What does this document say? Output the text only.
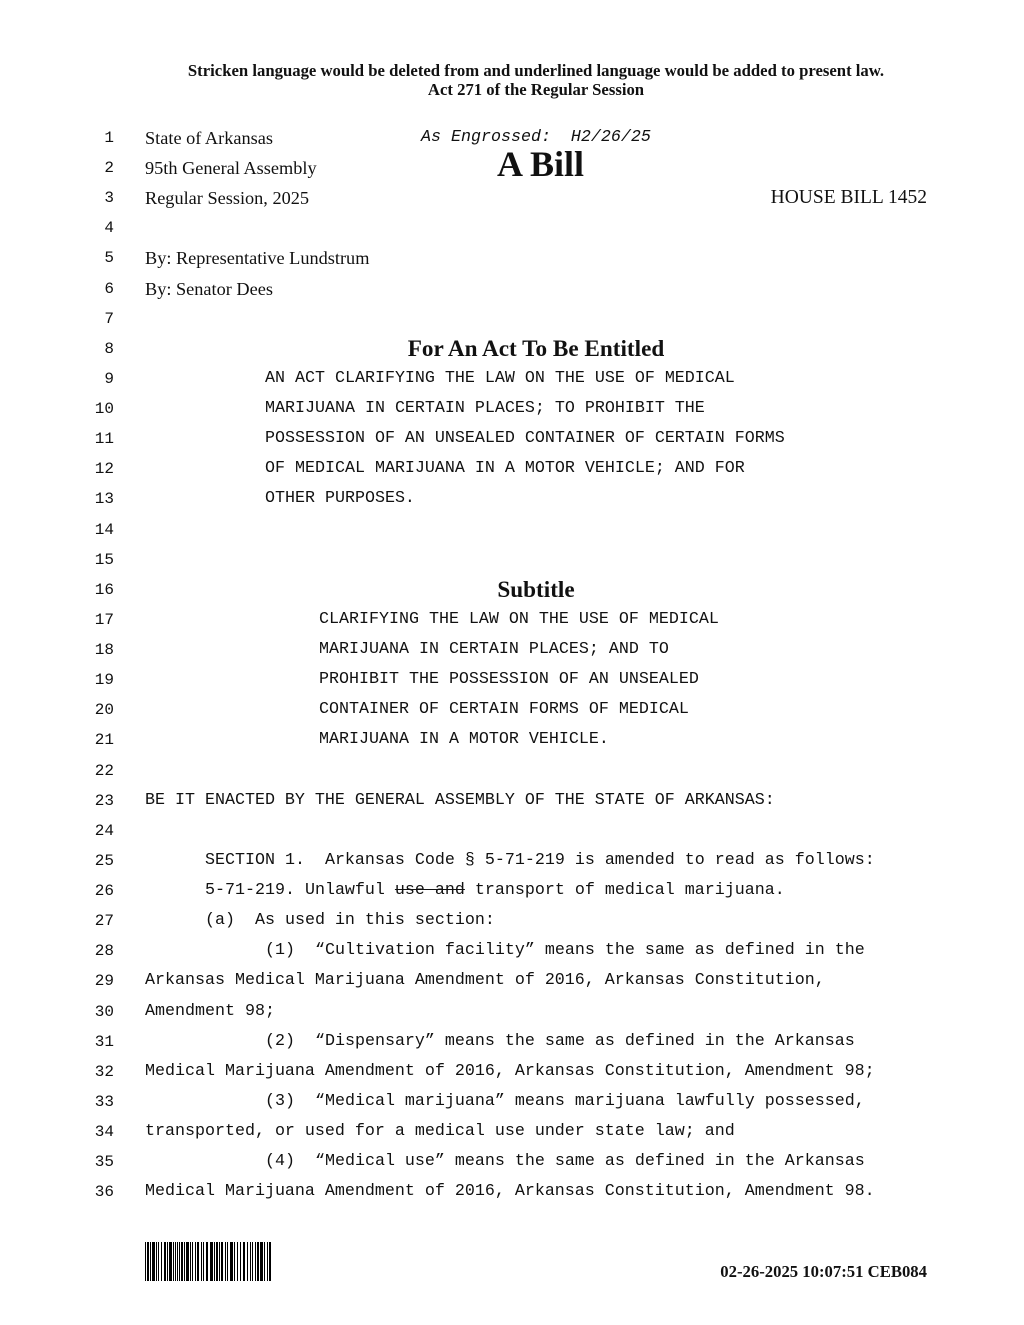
Stricken language would be deleted from and underlined language would be added to present law.
Act 271 of the Regular Session
1 State of Arkansas	As Engrossed:  H2/26/25
2 95th General Assembly	A Bill
3 Regular Session, 2025	HOUSE BILL 1452
4
5 By: Representative Lundstrum
6 By: Senator Dees
7
8	For An Act To Be Entitled
9	AN ACT CLARIFYING THE LAW ON THE USE OF MEDICAL
10	MARIJUANA IN CERTAIN PLACES; TO PROHIBIT THE
11	POSSESSION OF AN UNSEALED CONTAINER OF CERTAIN FORMS
12	OF MEDICAL MARIJUANA IN A MOTOR VEHICLE; AND FOR
13	OTHER PURPOSES.
14
15
16	Subtitle
17	CLARIFYING THE LAW ON THE USE OF MEDICAL
18	MARIJUANA IN CERTAIN PLACES; AND TO
19	PROHIBIT THE POSSESSION OF AN UNSEALED
20	CONTAINER OF CERTAIN FORMS OF MEDICAL
21	MARIJUANA IN A MOTOR VEHICLE.
22
23 BE IT ENACTED BY THE GENERAL ASSEMBLY OF THE STATE OF ARKANSAS:
24
25	SECTION 1.  Arkansas Code § 5-71-219 is amended to read as follows:
26	5-71-219. Unlawful use and transport of medical marijuana.
27	(a)  As used in this section:
28	(1)  “Cultivation facility” means the same as defined in the
29 Arkansas Medical Marijuana Amendment of 2016, Arkansas Constitution,
30 Amendment 98;
31	(2)  “Dispensary” means the same as defined in the Arkansas
32 Medical Marijuana Amendment of 2016, Arkansas Constitution, Amendment 98;
33	(3)  “Medical marijuana” means marijuana lawfully possessed,
34 transported, or used for a medical use under state law; and
35	(4)  “Medical use” means the same as defined in the Arkansas
36 Medical Marijuana Amendment of 2016, Arkansas Constitution, Amendment 98.
02-26-2025 10:07:51 CEB084
